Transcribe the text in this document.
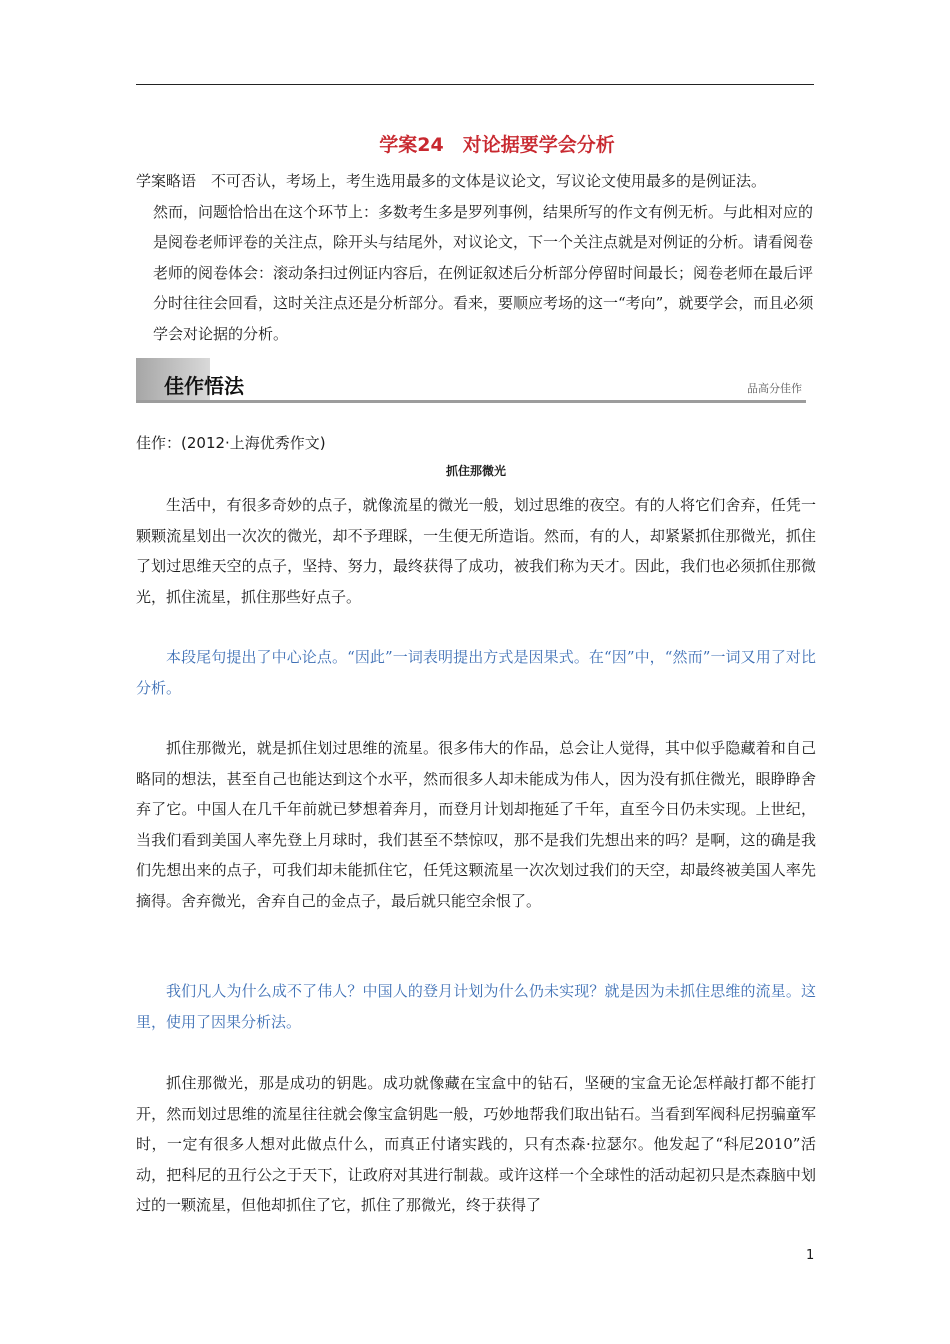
学案24　对论据要学会分析
学案略语　不可否认，考场上，考生选用最多的文体是议论文，写议论文使用最多的是例证法。
然而，问题恰恰出在这个环节上：多数考生多是罗列事例，结果所写的作文有例无析。与此相对应的是阅卷老师评卷的关注点，除开头与结尾外，对议论文，下一个关注点就是对例证的分析。请看阅卷老师的阅卷体会：滚动条扫过例证内容后，在例证叙述后分析部分停留时间最长；阅卷老师在最后评分时往往会回看，这时关注点还是分析部分。看来，要顺应考场的这一“考向”，就要学会，而且必须学会对论据的分析。
佳作悟法	品高分佳作
佳作：(2012·上海优秀作文)
抓住那微光

生活中，有很多奇妙的点子，就像流星的微光一般，划过思维的夜空。有的人将它们舍弃，任凭一颗颗流星划出一次次的微光，却不予理睬，一生便无所造诣。然而，有的人，却紧紧抓住那微光，抓住了划过思维天空的点子，坚持、努力，最终获得了成功，被我们称为天才。因此，我们也必须抓住那微光，抓住流星，抓住那些好点子。

本段尾句提出了中心论点。“因此”一词表明提出方式是因果式。在“因”中，“然而”一词又用了对比分析。

抓住那微光，就是抓住划过思维的流星。很多伟大的作品，总会让人觉得，其中似乎隐藏着和自己略同的想法，甚至自己也能达到这个水平，然而很多人却未能成为伟人，因为没有抓住微光，眼睁睁舍弃了它。中国人在几千年前就已梦想着奔月，而登月计划却拖延了千年，直至今日仍未实现。上世纪，当我们看到美国人率先登上月球时，我们甚至不禁惊叹，那不是我们先想出来的吗？是啊，这的确是我们先想出来的点子，可我们却未能抓住它，任凭这颗流星一次次划过我们的天空，却最终被美国人率先摘得。舍弃微光，舍弃自己的金点子，最后就只能空余恨了。

我们凡人为什么成不了伟人？中国人的登月计划为什么仍未实现？就是因为未抓住思维的流星。这里，使用了因果分析法。

抓住那微光，那是成功的钥匙。成功就像藏在宝盒中的钻石，坚硬的宝盒无论怎样敲打都不能打开，然而划过思维的流星往往就会像宝盒钥匙一般，巧妙地帮我们取出钻石。当看到军阀科尼拐骗童军时，一定有很多人想对此做点什么，而真正付诸实践的，只有杰森·拉瑟尔。他发起了“科尼2010”活动，把科尼的丑行公之于天下，让政府对其进行制裁。或许这样一个全球性的活动起初只是杰森脑中划过的一颗流星，但他却抓住了它，抓住了那微光，终于获得了

1
